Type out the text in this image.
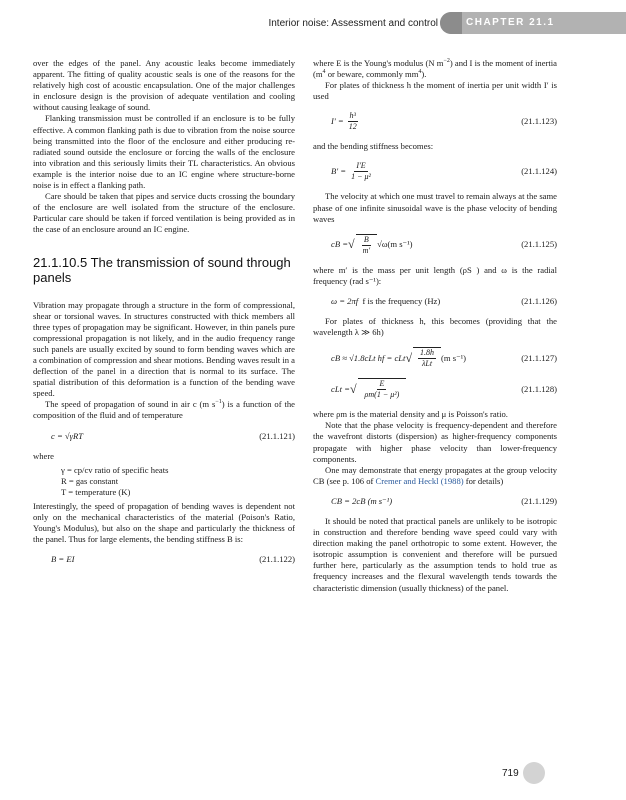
Interior noise: Assessment and control	CHAPTER 21.1

over the edges of the panel. Any acoustic leaks become immediately apparent. The fitting of quality acoustic seals is one of the reasons for the relatively high cost of acoustic encapsulation. One of the major challenges in enclosure design is the provision of adequate ventilation and cooling without causing leakage of sound.

Flanking transmission must be controlled if an enclosure is to be fully effective. A common flanking path is due to vibration from the noise source being transmitted into the floor of the enclosure and either producing re-radiated sound outside the enclosure or forcing the walls of the enclosure into vibration and this seriously limits their TL characteristics. An obvious example is the interior noise due to an IC engine where structure-borne noise is in effect a flanking path.

Care should be taken that pipes and service ducts crossing the boundary of the enclosure are well isolated from the structure of the enclosure. Particular care should be taken if forced ventilation is being provided as in the case of an enclosure around an IC engine.

21.1.10.5 The transmission of sound through panels

Vibration may propagate through a structure in the form of compressional, shear or torsional waves. In structures constructed with thick members all three types of propagation may be significant. However, in thin panels pure compressional propagation is not likely, and in the audio frequency range such panels are usually excited by sound to form bending waves which are a combination of compression and shear motions. Bending waves result in a deflection of the panel in a direction that is normal to its surface. The spatial distribution of this deformation is a function of the bending wave speed.

The speed of propagation of sound in air c (m $s^{-1}$) is a function of the composition of the fluid and of temperature

c = √γRT	(21.1.121)

where

γ = cp/cv ratio of specific heats
R = gas constant
T = temperature (K)

Interestingly, the speed of propagation of bending waves is dependent not only on the mechanical characteristics of the material (Poison's Ratio, Young's Modulus), but also on the shape and particularly the thickness of the panel. Thus for large elements, the bending stiffness B is:

B = EI	(21.1.122)

where E is the Young's modulus (N $m^{-2}$) and I is the moment of inertia ($m^4$ or beware, commonly $mm^4$).

For plates of thickness h the moment of inertia per unit width I′ is used

$I' = \frac{\text{h³}}{12}$	(21.1.123)

and the bending stiffness becomes:

$B' = \frac{I'E}{\text{1 − μ²}}$	(21.1.124)

The velocity at which one must travel to remain always at the same phase of one infinite sinusoidal wave is the phase velocity of bending waves

cB = √ $\frac{B}{m'} √\omega(m$ s⁻¹)	(21.1.125)

where m′ is the mass per unit length (ρS ) and ω is the radial frequency (rad s⁻¹):

ω = 2πf
f is the frequency (Hz)	(21.1.126)

For plates of thickness h, this becomes (providing that the wavelength λ ≫ 6h)

cB ≈ √1.8cLt hf = cLt √ $\frac{1.8h}{\text{λLt}} (m$ s⁻¹)	(21.1.127)
cLt = √ $\frac{E}{\text{ρm(1 − μ²)}}$	(21.1.128)

where ρm is the material density and μ is Poisson's ratio.

Note that the phase velocity is frequency-dependent and therefore the wavefront distorts (dispersion) as higher-frequency components propagate with higher phase velocity than lower-frequency components.

One may demonstrate that energy propagates at the group velocity CB (see p. 106 of Cremer and Heckl (1988) for details)

CB = 2cB (m s⁻¹)	(21.1.129)

It should be noted that practical panels are unlikely to be isotropic in construction and therefore bending wave speed could vary with direction making the panel orthotropic to some extent. However, the isotropic assumption is convenient and therefore will be pursued further here, particularly as the assumption tends to hold true as frequency increases and the flexural wavelength tends towards the characteristic dimension (usually thickness) of the panel.

719
